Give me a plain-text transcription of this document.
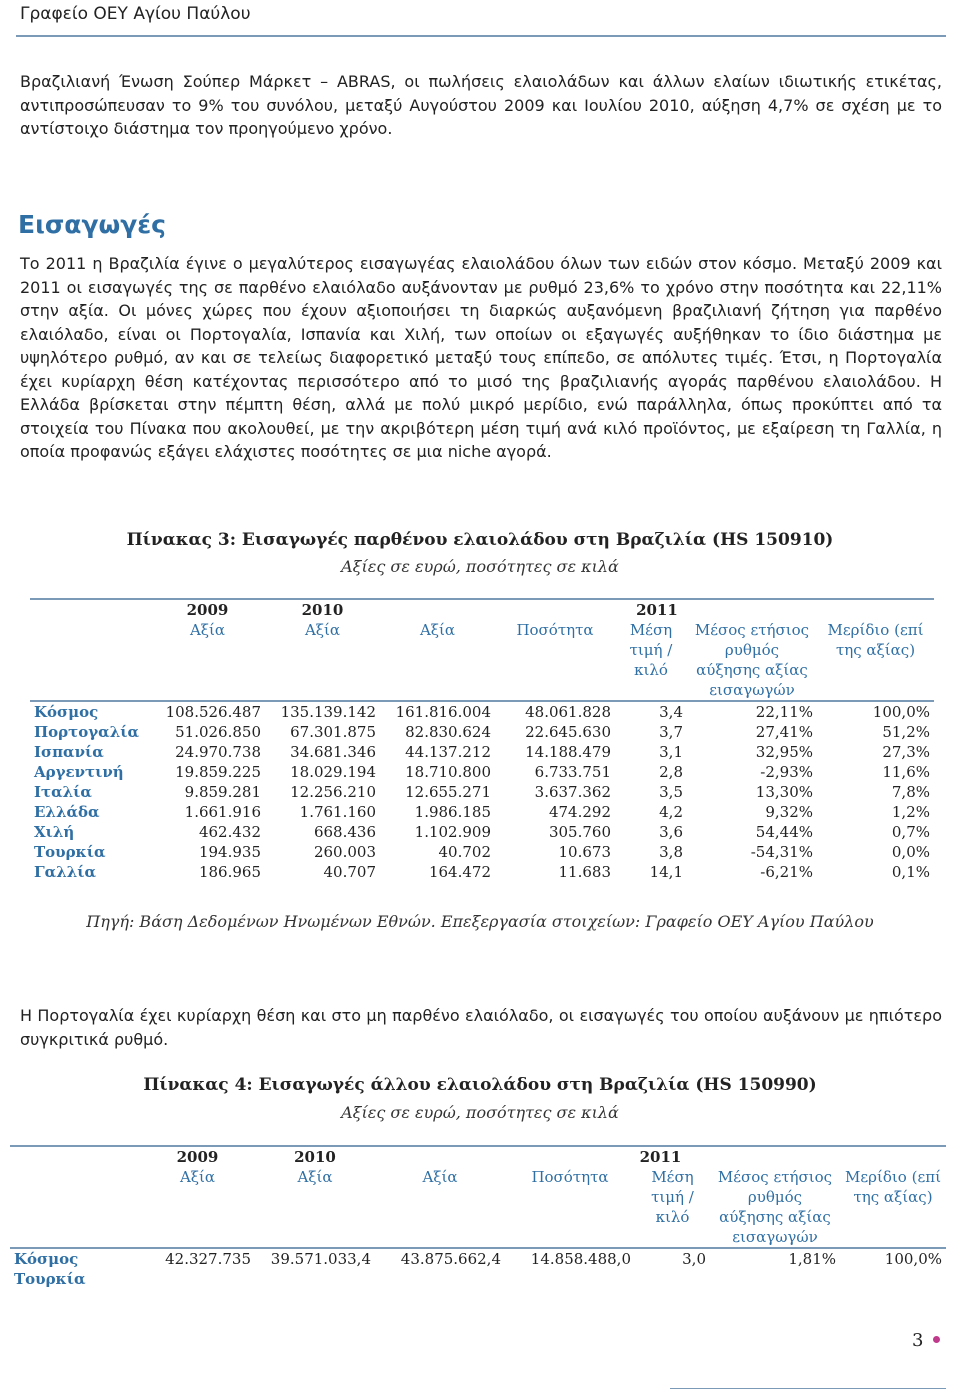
Γραφείο ΟΕΥ Αγίου Παύλου

Βραζιλιανή Ένωση Σούπερ Μάρκετ – ABRAS, οι πωλήσεις ελαιολάδων και άλλων ελαίων ιδιωτικής ετικέτας, αντιπροσώπευσαν το 9% του συνόλου, μεταξύ Αυγούστου 2009 και Ιουλίου 2010, αύξηση 4,7% σε σχέση με το αντίστοιχο διάστημα τον προηγούμενο χρόνο.

Εισαγωγές

Το 2011 η Βραζιλία έγινε ο μεγαλύτερος εισαγωγέας ελαιολάδου όλων των ειδών στον κόσμο. Μεταξύ 2009 και 2011 οι εισαγωγές της σε παρθένο ελαιόλαδο αυξάνονταν με ρυθμό 23,6% το χρόνο στην ποσότητα και 22,11% στην αξία. Οι μόνες χώρες που έχουν αξιοποιήσει τη διαρκώς αυξανόμενη βραζιλιανή ζήτηση για παρθένο ελαιόλαδο, είναι οι Πορτογαλία, Ισπανία και Χιλή, των οποίων οι εξαγωγές αυξήθηκαν το ίδιο διάστημα με υψηλότερο ρυθμό, αν και σε τελείως διαφορετικό μεταξύ τους επίπεδο, σε απόλυτες τιμές. Έτσι, η Πορτογαλία έχει κυρίαρχη θέση κατέχοντας περισσότερο από το μισό της βραζιλιανής αγοράς παρθένου ελαιολάδου. Η Ελλάδα βρίσκεται στην πέμπτη θέση, αλλά με πολύ μικρό μερίδιο, ενώ παράλληλα, όπως προκύπτει από τα στοιχεία του Πίνακα που ακολουθεί, με την ακριβότερη μέση τιμή ανά κιλό προϊόντος, με εξαίρεση τη Γαλλία, η οποία προφανώς εξάγει ελάχιστες ποσότητες σε μια niche αγορά.

Πίνακας 3: Εισαγωγές παρθένου ελαιολάδου στη Βραζιλία (HS 150910)

Αξίες σε ευρώ, ποσότητες σε κιλά

	2009	2010	2011				
	Αξία	Αξία	Αξία	Ποσότητα	Μέση τιμή / κιλό	Μέσος ετήσιος ρυθμός αύξησης αξίας εισαγωγών	Μερίδιο (επί της αξίας)
Κόσμος	108.526.487	135.139.142	161.816.004	48.061.828	3,4	22,11%	100,0%
Πορτογαλία	51.026.850	67.301.875	82.830.624	22.645.630	3,7	27,41%	51,2%
Ισπανία	24.970.738	34.681.346	44.137.212	14.188.479	3,1	32,95%	27,3%
Αργεντινή	19.859.225	18.029.194	18.710.800	6.733.751	2,8	-2,93%	11,6%
Ιταλία	9.859.281	12.256.210	12.655.271	3.637.362	3,5	13,30%	7,8%
Ελλάδα	1.661.916	1.761.160	1.986.185	474.292	4,2	9,32%	1,2%
Χιλή	462.432	668.436	1.102.909	305.760	3,6	54,44%	0,7%
Τουρκία	194.935	260.003	40.702	10.673	3,8	-54,31%	0,0%
Γαλλία	186.965	40.707	164.472	11.683	14,1	-6,21%	0,1%

Πηγή: Βάση Δεδομένων Ηνωμένων Εθνών. Επεξεργασία στοιχείων: Γραφείο ΟΕΥ Αγίου Παύλου

Η Πορτογαλία έχει κυρίαρχη θέση και στο μη παρθένο ελαιόλαδο, οι εισαγωγές του οποίου αυξάνουν με ηπιότερο συγκριτικά ρυθμό.

Πίνακας 4: Εισαγωγές άλλου ελαιολάδου στη Βραζιλία (HS 150990)

Αξίες σε ευρώ, ποσότητες σε κιλά

	2009	2010	2011				
	Αξία	Αξία	Αξία	Ποσότητα	Μέση τιμή / κιλό	Μέσος ετήσιος ρυθμός αύξησης αξίας εισαγωγών	Μερίδιο (επί της αξίας)
Κόσμος	42.327.735	39.571.033,4	43.875.662,4	14.858.488,0	3,0	1,81%	100,0%
Τουρκία							
3
